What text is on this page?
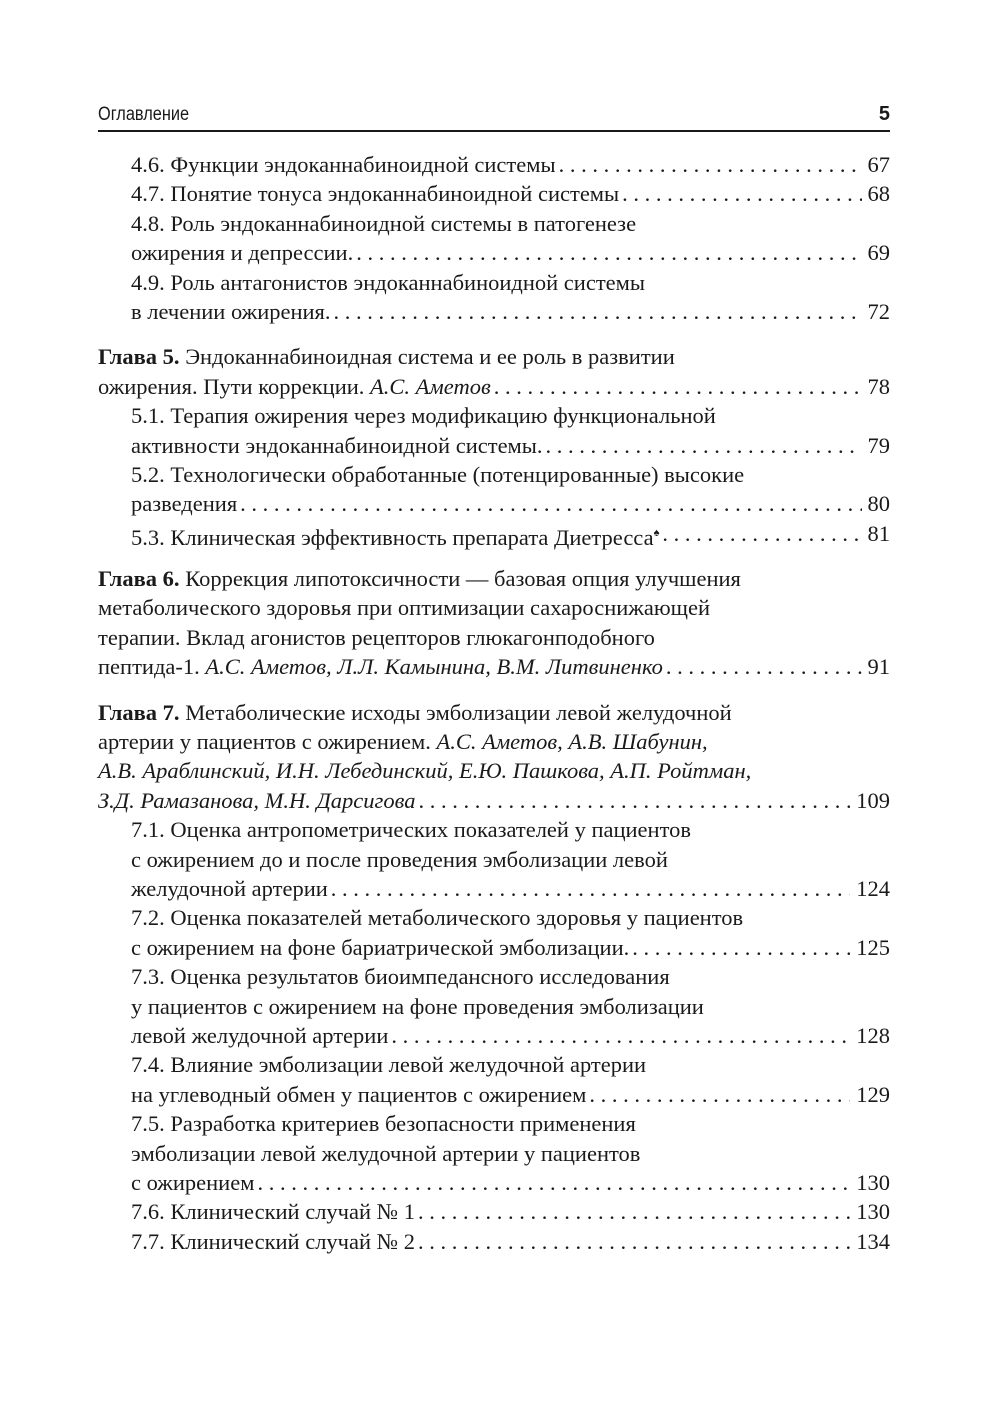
Оглавление	5
4.6. Функции эндоканнабиноидной системы . . .	67
4.7. Понятие тонуса эндоканнабиноидной системы . . .	68
4.8. Роль эндоканнабиноидной системы в патогенезе
ожирения и депрессии. . . .	69
4.9. Роль антагонистов эндоканнабиноидной системы
в лечении ожирения. . . .	72
Глава 5. Эндоканнабиноидная система и ее роль в развитии
ожирения. Пути коррекции. А.С. Аметов . . .	78
5.1. Терапия ожирения через модификацию функциональной
активности эндоканнабиноидной системы. . . .	79
5.2. Технологически обработанные (потенцированные) высокие
разведения . . .	80
5.3. Клиническая эффективность препарата Диетресса♠ . . .	81
Глава 6. Коррекция липотоксичности — базовая опция улучшения
метаболического здоровья при оптимизации сахароснижающей
терапии. Вклад агонистов рецепторов глюкагонподобного
пептида-1. А.С. Аметов, Л.Л. Камынина, В.М. Литвиненко . . .	91
Глава 7. Метаболические исходы эмболизации левой желудочной
артерии у пациентов с ожирением. А.С. Аметов, А.В. Шабунин,
А.В. Араблинский, И.Н. Лебединский, Е.Ю. Пашкова, А.П. Ройтман,
З.Д. Рамазанова, М.Н. Дарсигова . . .	109
7.1. Оценка антропометрических показателей у пациентов
с ожирением до и после проведения эмболизации левой
желудочной артерии . . .	124
7.2. Оценка показателей метаболического здоровья у пациентов
с ожирением на фоне бариатрической эмболизации. . . .	125
7.3. Оценка результатов биоимпедансного исследования
у пациентов с ожирением на фоне проведения эмболизации
левой желудочной артерии . . .	128
7.4. Влияние эмболизации левой желудочной артерии
на углеводный обмен у пациентов с ожирением . . .	129
7.5. Разработка критериев безопасности применения
эмболизации левой желудочной артерии у пациентов
с ожирением . . .	130
7.6. Клинический случай № 1 . . .	130
7.7. Клинический случай № 2 . . .	134
